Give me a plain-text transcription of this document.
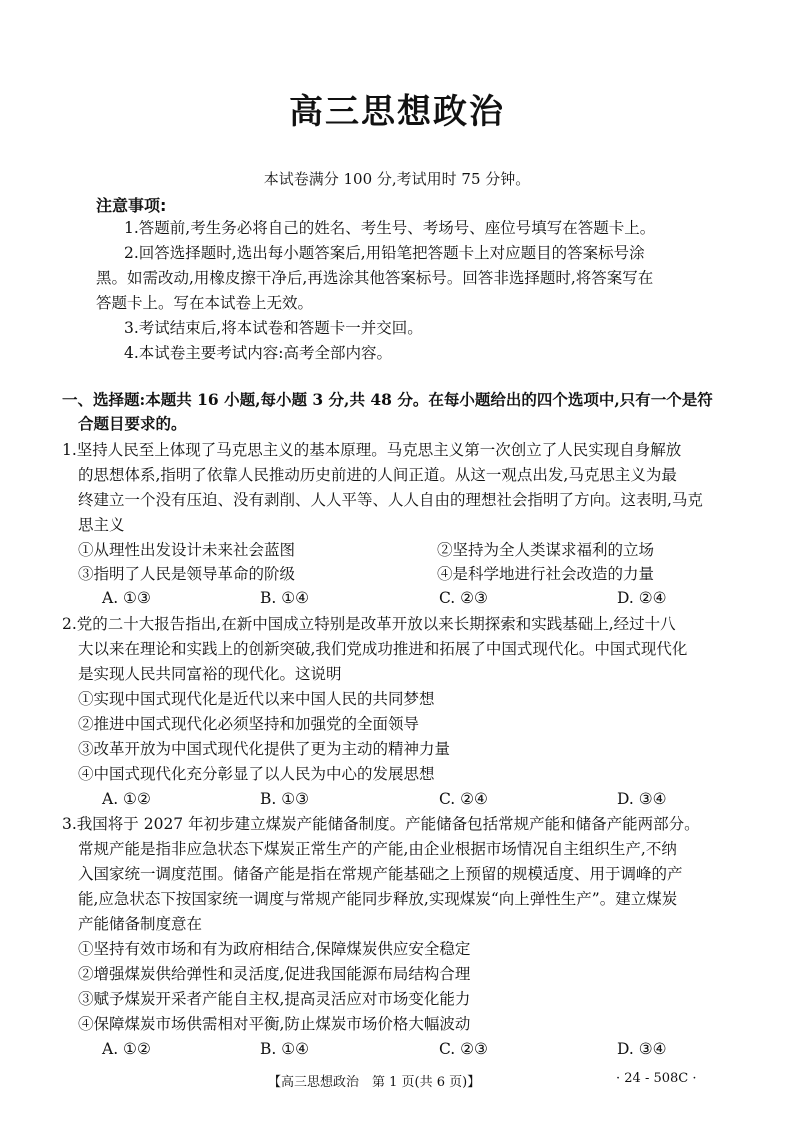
高三思想政治
本试卷满分 100 分,考试用时 75 分钟。
注意事项:
1.答题前,考生务必将自己的姓名、考生号、考场号、座位号填写在答题卡上。
2.回答选择题时,选出每小题答案后,用铅笔把答题卡上对应题目的答案标号涂
黑。如需改动,用橡皮擦干净后,再选涂其他答案标号。回答非选择题时,将答案写在
答题卡上。写在本试卷上无效。
3.考试结束后,将本试卷和答题卡一并交回。
4.本试卷主要考试内容:高考全部内容。
一、选择题:本题共 16 小题,每小题 3 分,共 48 分。在每小题给出的四个选项中,只有一个是符
合题目要求的。
1.坚持人民至上体现了马克思主义的基本原理。马克思主义第一次创立了人民实现自身解放
的思想体系,指明了依靠人民推动历史前进的人间正道。从这一观点出发,马克思主义为最
终建立一个没有压迫、没有剥削、人人平等、人人自由的理想社会指明了方向。这表明,马克
思主义
①从理性出发设计未来社会蓝图	②坚持为全人类谋求福利的立场
③指明了人民是领导革命的阶级	④是科学地进行社会改造的力量
A. ①③	B. ①④	C. ②③	D. ②④
2.党的二十大报告指出,在新中国成立特别是改革开放以来长期探索和实践基础上,经过十八
大以来在理论和实践上的创新突破,我们党成功推进和拓展了中国式现代化。中国式现代化
是实现人民共同富裕的现代化。这说明
①实现中国式现代化是近代以来中国人民的共同梦想
②推进中国式现代化必须坚持和加强党的全面领导
③改革开放为中国式现代化提供了更为主动的精神力量
④中国式现代化充分彰显了以人民为中心的发展思想
A. ①②	B. ①③	C. ②④	D. ③④
3.我国将于 2027 年初步建立煤炭产能储备制度。产能储备包括常规产能和储备产能两部分。
常规产能是指非应急状态下煤炭正常生产的产能,由企业根据市场情况自主组织生产,不纳
入国家统一调度范围。储备产能是指在常规产能基础之上预留的规模适度、用于调峰的产
能,应急状态下按国家统一调度与常规产能同步释放,实现煤炭“向上弹性生产”。建立煤炭
产能储备制度意在
①坚持有效市场和有为政府相结合,保障煤炭供应安全稳定
②增强煤炭供给弹性和灵活度,促进我国能源布局结构合理
③赋予煤炭开采者产能自主权,提高灵活应对市场变化能力
④保障煤炭市场供需相对平衡,防止煤炭市场价格大幅波动
A. ①②	B. ①④	C. ②③	D. ③④
【高三思想政治　第 1 页(共 6 页)】	· 24 - 508C ·
